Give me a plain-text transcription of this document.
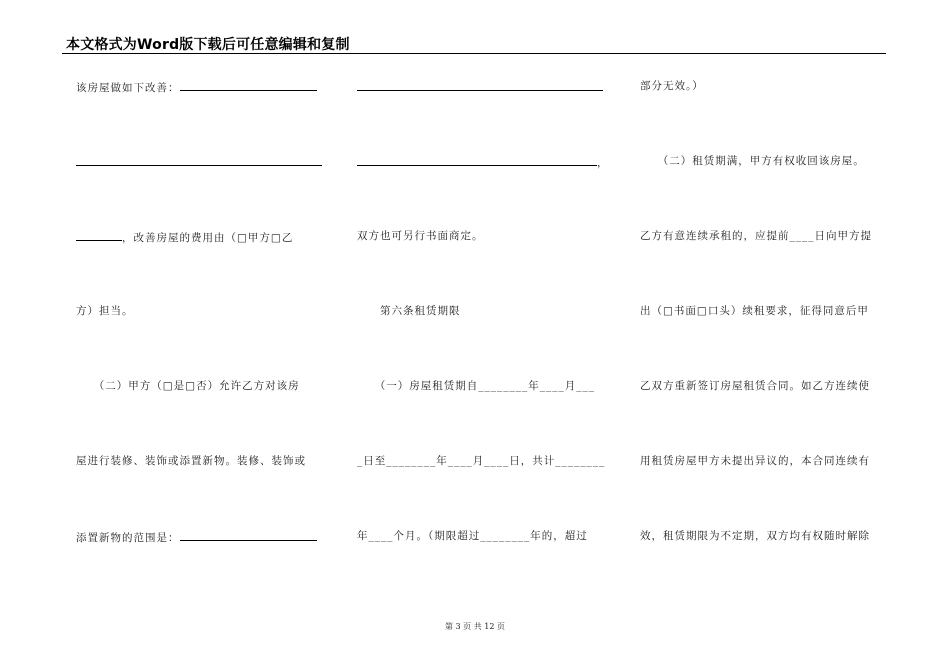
本文格式为Word版下载后可任意编辑和复制
该房屋做如下改善：
，改善房屋的费用由（□甲方□乙
方）担当。
　　（二）甲方（□是□否）允许乙方对该房
屋进行装修、装饰或添置新物。装修、装饰或
添置新物的范围是：
，
双方也可另行书面商定。
　　第六条租赁期限
　　（一）房屋租赁期自________年____月___
_日至________年____月____日，共计________
年____个月。（期限超过________年的，超过
部分无效。）
　　（二）租赁期满，甲方有权收回该房屋。
乙方有意连续承租的，应提前____日向甲方提
出（□书面□口头）续租要求，征得同意后甲
乙双方重新签订房屋租赁合同。如乙方连续使
用租赁房屋甲方未提出异议的，本合同连续有
效，租赁期限为不定期，双方均有权随时解除
第 3 页 共 12 页
